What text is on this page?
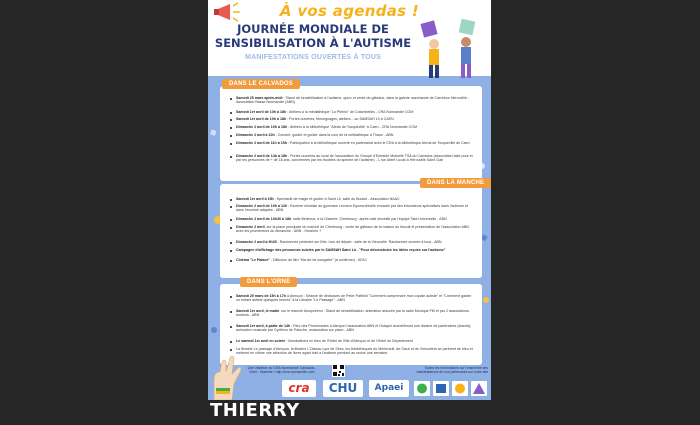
À vos agendas !
JOURNÉE MONDIALE DE
SENSIBILISATION À L'AUTISME
MANIFESTATIONS OUVERTES À TOUS
DANS LE CALVADOS
DANS LA MANCHE
DANS L'ORNE
Samedi 25 mars après-midi : Stand de sensibilisation à l'autisme, quizz et vente de gâteaux, dans la galerie marchande de Carrefour Hérouville - Association Basse-Normandie (ABN)
Samedi 1er avril de 10h à 18h : Ateliers à la médiathèque "La Phénix" de Colombelles - CRA Normandie COM
Samedi 1er avril de 10h à 18h : Portes ouvertes, témoignages, ateliers... au SAMSAH 14 à CAEN
Dimanche 2 avril de 10h à 18h : Ateliers à la bibliothèque "Alexis de Tocqueville" à Caen - CRA Normandie COM
Dimanche 2 avril à 10h : Concert, goûter et goûter dans la cour de la médiathèque à Thaon - ABN
Dimanche 2 avril de 11h à 15h : Participation à la bibliothèque ouverte en partenariat avec le CRA à la bibliothèque Alexis de Tocqueville de Caen
Dimanche 2 avril de 14h à 18h : Portes ouvertes au local de l'association du Groupe d'Entraide Mutuelle TSA du Calvados (association faite pour et par les personnes de + de 18 ans, concernées par les troubles du spectre de l'autisme) - 1 rue Abbé Lucas à Hérouville Saint Clair
Samedi 1er avril à 15h : Spectacle de magie et goûter à Saint Lô, salle du Bouloir - Association NAAC
Dimanche 2 avril de 10h à 12h : Escrime mixtoise au gymnase Lecoeur Equeurdreville encadré par des éducateurs spécialisés dans l'autisme et dans l'escrime adaptée - ABN
Dimanche 2 avril de 13h30 à 18h, salle Bellevue, à la Glacerie, Cherbourg : après-midi récréatif par l'équipe Tata Universelle - ABN
Dimanche 2 avril, sur la place principale du marché de Cherbourg : vente de gâteaux de la maison du biscuit et présentation de l'association ABN avec les promeneurs du dimanche - ABN - Horaires ?
Dimanche 2 avril à 9h30 : Randonnée pédestre sur Brix. Lieu de départ : salle de la Vieuxville. Randonnée ouverte à tous - ABN
Campagne d'affichage des personnes suivies par le SAMSAH Saint Lô - "Pour déconstruire les idées reçues sur l'autisme"
Cinéma "Le Palace" : Diffusion du film "Ma vie de courgette" (à confirmer) - AFAJ
Samedi 25 mars de 15h à 17h à Alençon : Séance de dédicaces de Peter Patfield "Comment comprendre mon copain autiste" et "Comment garder un enfant autiste quelques heures" à la Librairie "Le Passage" - ABN
Samedi 1er avril, le matin, sur le marché Amaycéenn : Stand de sensibilisation, animation assurée par la radio Monique FM et par 2 associations, tombola - ABN
Samedi 1er avril, à partir de 14h : Parc des Promenades à Alençon l'association ABN et l'Adapei accueilleront une dizaine de partenaires (stands), animation musicale par Cyrilleno de Paluche, restauration sur place - ABN
Le samedi 1er avril en soirée : Illuminations en bleu de l'Hôtel de Ville d'Alençon et de l'Hôtel du Département
La librairie Le passage d'Alençon, la librairie L'Oiseau-Lyre de Sées, les bibliothèques du Merlerault, de Gacé et de Vimoutiers se parèrent de bleu et mettront en vitrine une sélection de livres ayant trait à l'autisme pendant au moins une semaine.
Une initiative du CRA Normandie Calvados - Orne - Manche / http://cra-normandie.com
Toutes les informations sur l'ensemble des manifestations de nos partenaires sur notre site
cra	CHU	Apaei
THIERRY
